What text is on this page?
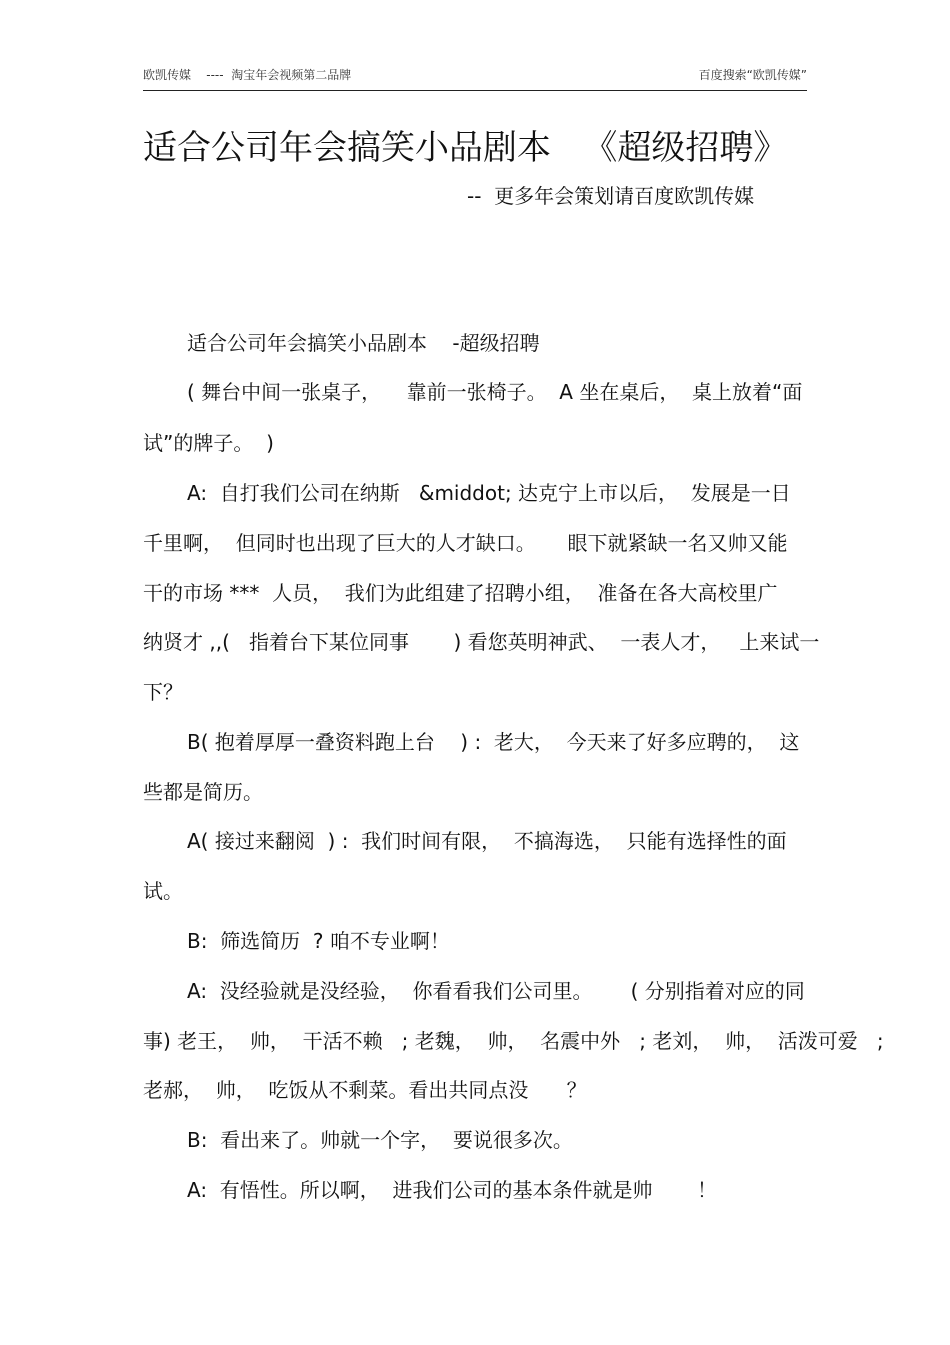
欧凯传媒    ----  淘宝年会视频第二品牌	百度搜索“欧凯传媒”
适合公司年会搞笑小品剧本   《超级招聘》
--  更多年会策划请百度欧凯传媒
适合公司年会搞笑小品剧本    -超级招聘
( 舞台中间一张桌子，    靠前一张椅子。  A 坐在桌后，  桌上放着“面
试”的牌子。  )
A:  自打我们公司在纳斯   &middot; 达克宁上市以后，  发展是一日
千里啊，  但同时也出现了巨大的人才缺口。     眼下就紧缺一名又帅又能
干的市场 ***  人员，  我们为此组建了招聘小组，  准备在各大高校里广
纳贤才 ,,(   指着台下某位同事       ) 看您英明神武、  一表人才，   上来试一
下？
B( 抱着厚厚一叠资料跑上台    ) :  老大，  今天来了好多应聘的，  这
些都是简历。
A( 接过来翻阅  ) :  我们时间有限，  不搞海选，  只能有选择性的面
试。
B:  筛选简历  ? 咱不专业啊！
A:  没经验就是没经验，  你看看我们公司里。      ( 分别指着对应的同
事) 老王，  帅，  干活不赖   ; 老魏，  帅，  名震中外   ; 老刘，  帅，  活泼可爱   ;
老郝，  帅，  吃饭从不剩菜。看出共同点没      ？
B:  看出来了。帅就一个字，  要说很多次。
A:  有悟性。所以啊，  进我们公司的基本条件就是帅       ！
